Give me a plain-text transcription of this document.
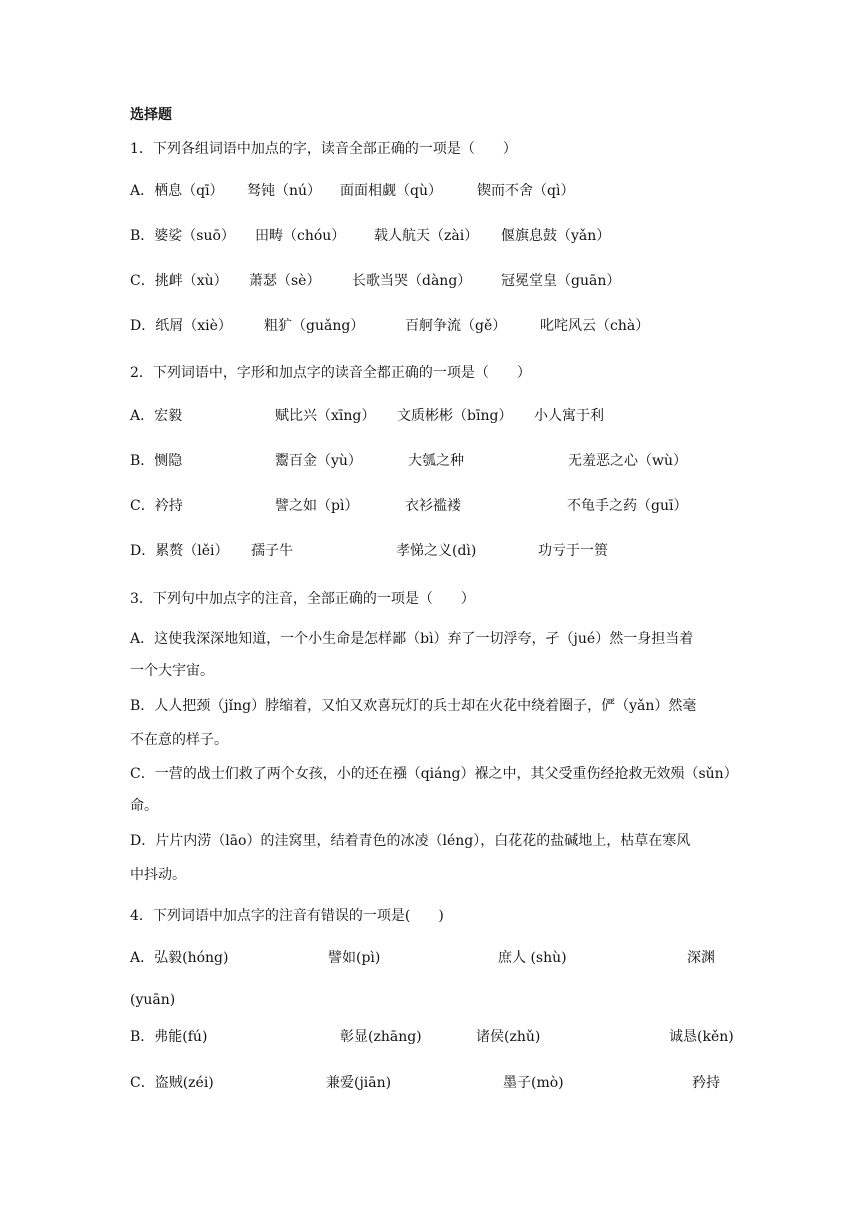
选择题
1．下列各组词语中加点的字，读音全部正确的一项是（　　）
A．栖息（qī） 驽钝（nú） 面面相觑（qù）	锲而不舍（qì）
B．婆娑（suō） 田畴（chóu） 载人航天（zài） 偃旗息鼓（yǎn）
C．挑衅（xù） 萧瑟（sè） 长歌当哭（dàng） 冠冕堂皇（guān）
D．纸屑（xiè） 粗犷（guǎng）	百舸争流（gě） 叱咤风云（chà）
2．下列词语中，字形和加点字的读音全都正确的一项是（　　）
A．宏毅	赋比兴（xīng） 文质彬彬（bīng） 小人寓于利
B．恻隐	鬻百金（yù）	大瓠之种	无羞恶之心（wù）
C．衿持	譬之如（pì）	衣衫褴褛	不龟手之药（guī）
D．累赘（lěi） 孺子牛	孝悌之义(dì)	功亏于一篑
3．下列句中加点字的注音，全部正确的一项是（　　）
A．这使我深深地知道，一个小生命是怎样鄙（bì）弃了一切浮夸，孑（jué）然一身担当着
一个大宇宙。
B．人人把颈（jǐng）脖缩着，又怕又欢喜玩灯的兵士却在火花中绕着圈子，俨（yǎn）然毫
不在意的样子。
C．一营的战士们救了两个女孩，小的还在襁（qiáng）褓之中，其父受重伤经抢救无效殒（sǔn）
命。
D．片片内涝（lāo）的洼窝里，结着青色的冰凌（léng），白花花的盐碱地上，枯草在寒风
中抖动。
4．下列词语中加点字的注音有错误的一项是(　　)
A．弘毅(hóng)	譬如(pì)	庶人 (shù)	深渊
(yuān)
B．弗能(fú)	彰显(zhāng)	诸侯(zhǔ)	诚恳(kěn)
C．盗贼(zéi)	兼爱(jiān)	墨子(mò)	矜持
